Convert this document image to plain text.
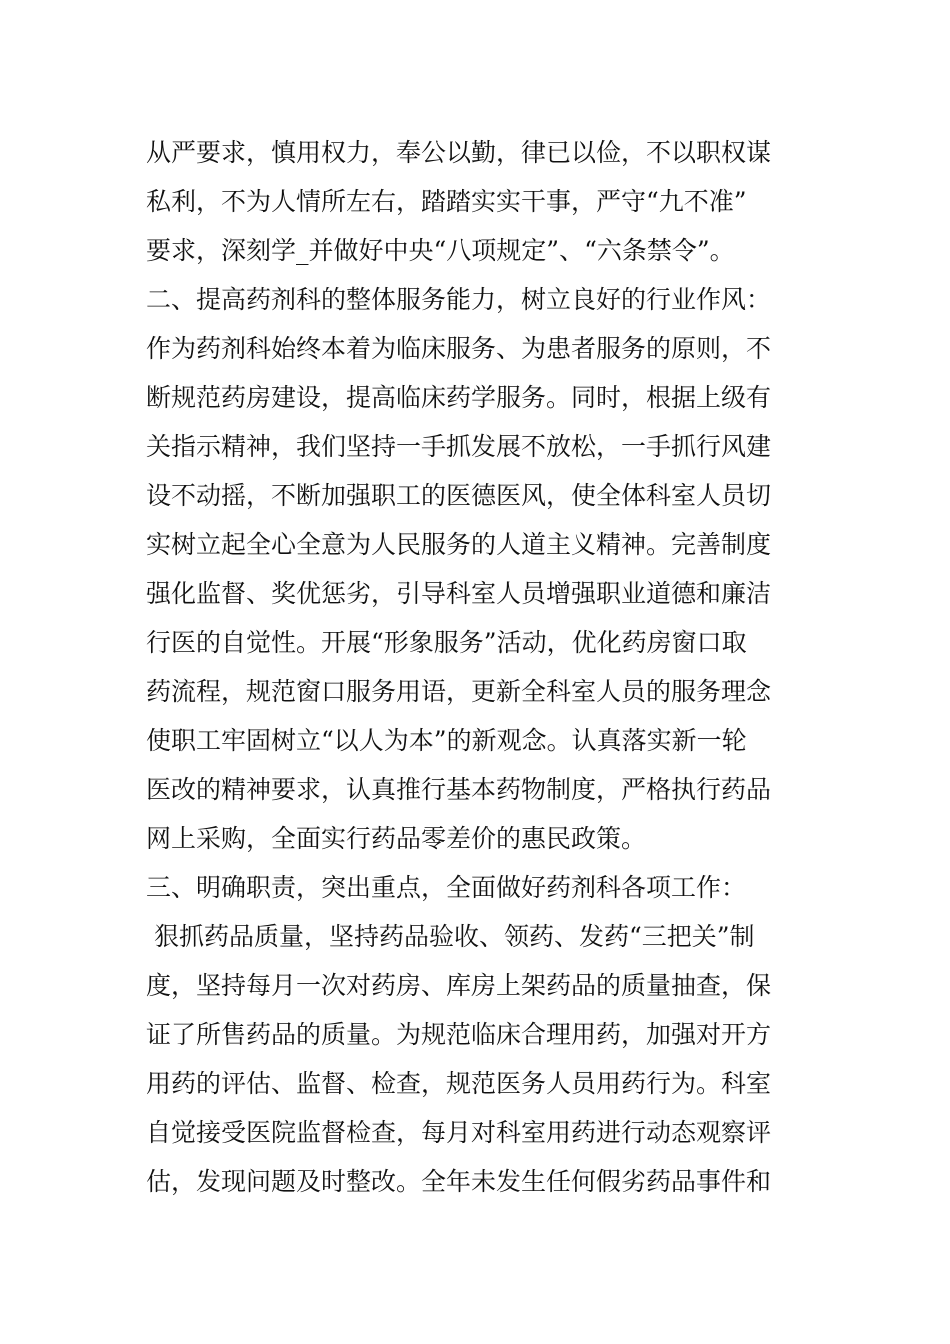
从严要求，慎用权力，奉公以勤，律已以俭，不以职权谋
私利，不为人情所左右，踏踏实实干事，严守“九不准”
要求，深刻学_并做好中央“八项规定”、“六条禁令”。
二、提高药剂科的整体服务能力，树立良好的行业作风：
作为药剂科始终本着为临床服务、为患者服务的原则，不
断规范药房建设，提高临床药学服务。同时，根据上级有
关指示精神，我们坚持一手抓发展不放松，一手抓行风建
设不动摇，不断加强职工的医德医风，使全体科室人员切
实树立起全心全意为人民服务的人道主义精神。完善制度
强化监督、奖优惩劣，引导科室人员增强职业道德和廉洁
行医的自觉性。开展“形象服务”活动，优化药房窗口取
药流程，规范窗口服务用语，更新全科室人员的服务理念
使职工牢固树立“以人为本”的新观念。认真落实新一轮
医改的精神要求，认真推行基本药物制度，严格执行药品
网上采购，全面实行药品零差价的惠民政策。
三、明确职责，突出重点，全面做好药剂科各项工作：
狠抓药品质量，坚持药品验收、领药、发药“三把关”制
度，坚持每月一次对药房、库房上架药品的质量抽查，保
证了所售药品的质量。为规范临床合理用药，加强对开方
用药的评估、监督、检查，规范医务人员用药行为。科室
自觉接受医院监督检查，每月对科室用药进行动态观察评
估，发现问题及时整改。全年未发生任何假劣药品事件和
